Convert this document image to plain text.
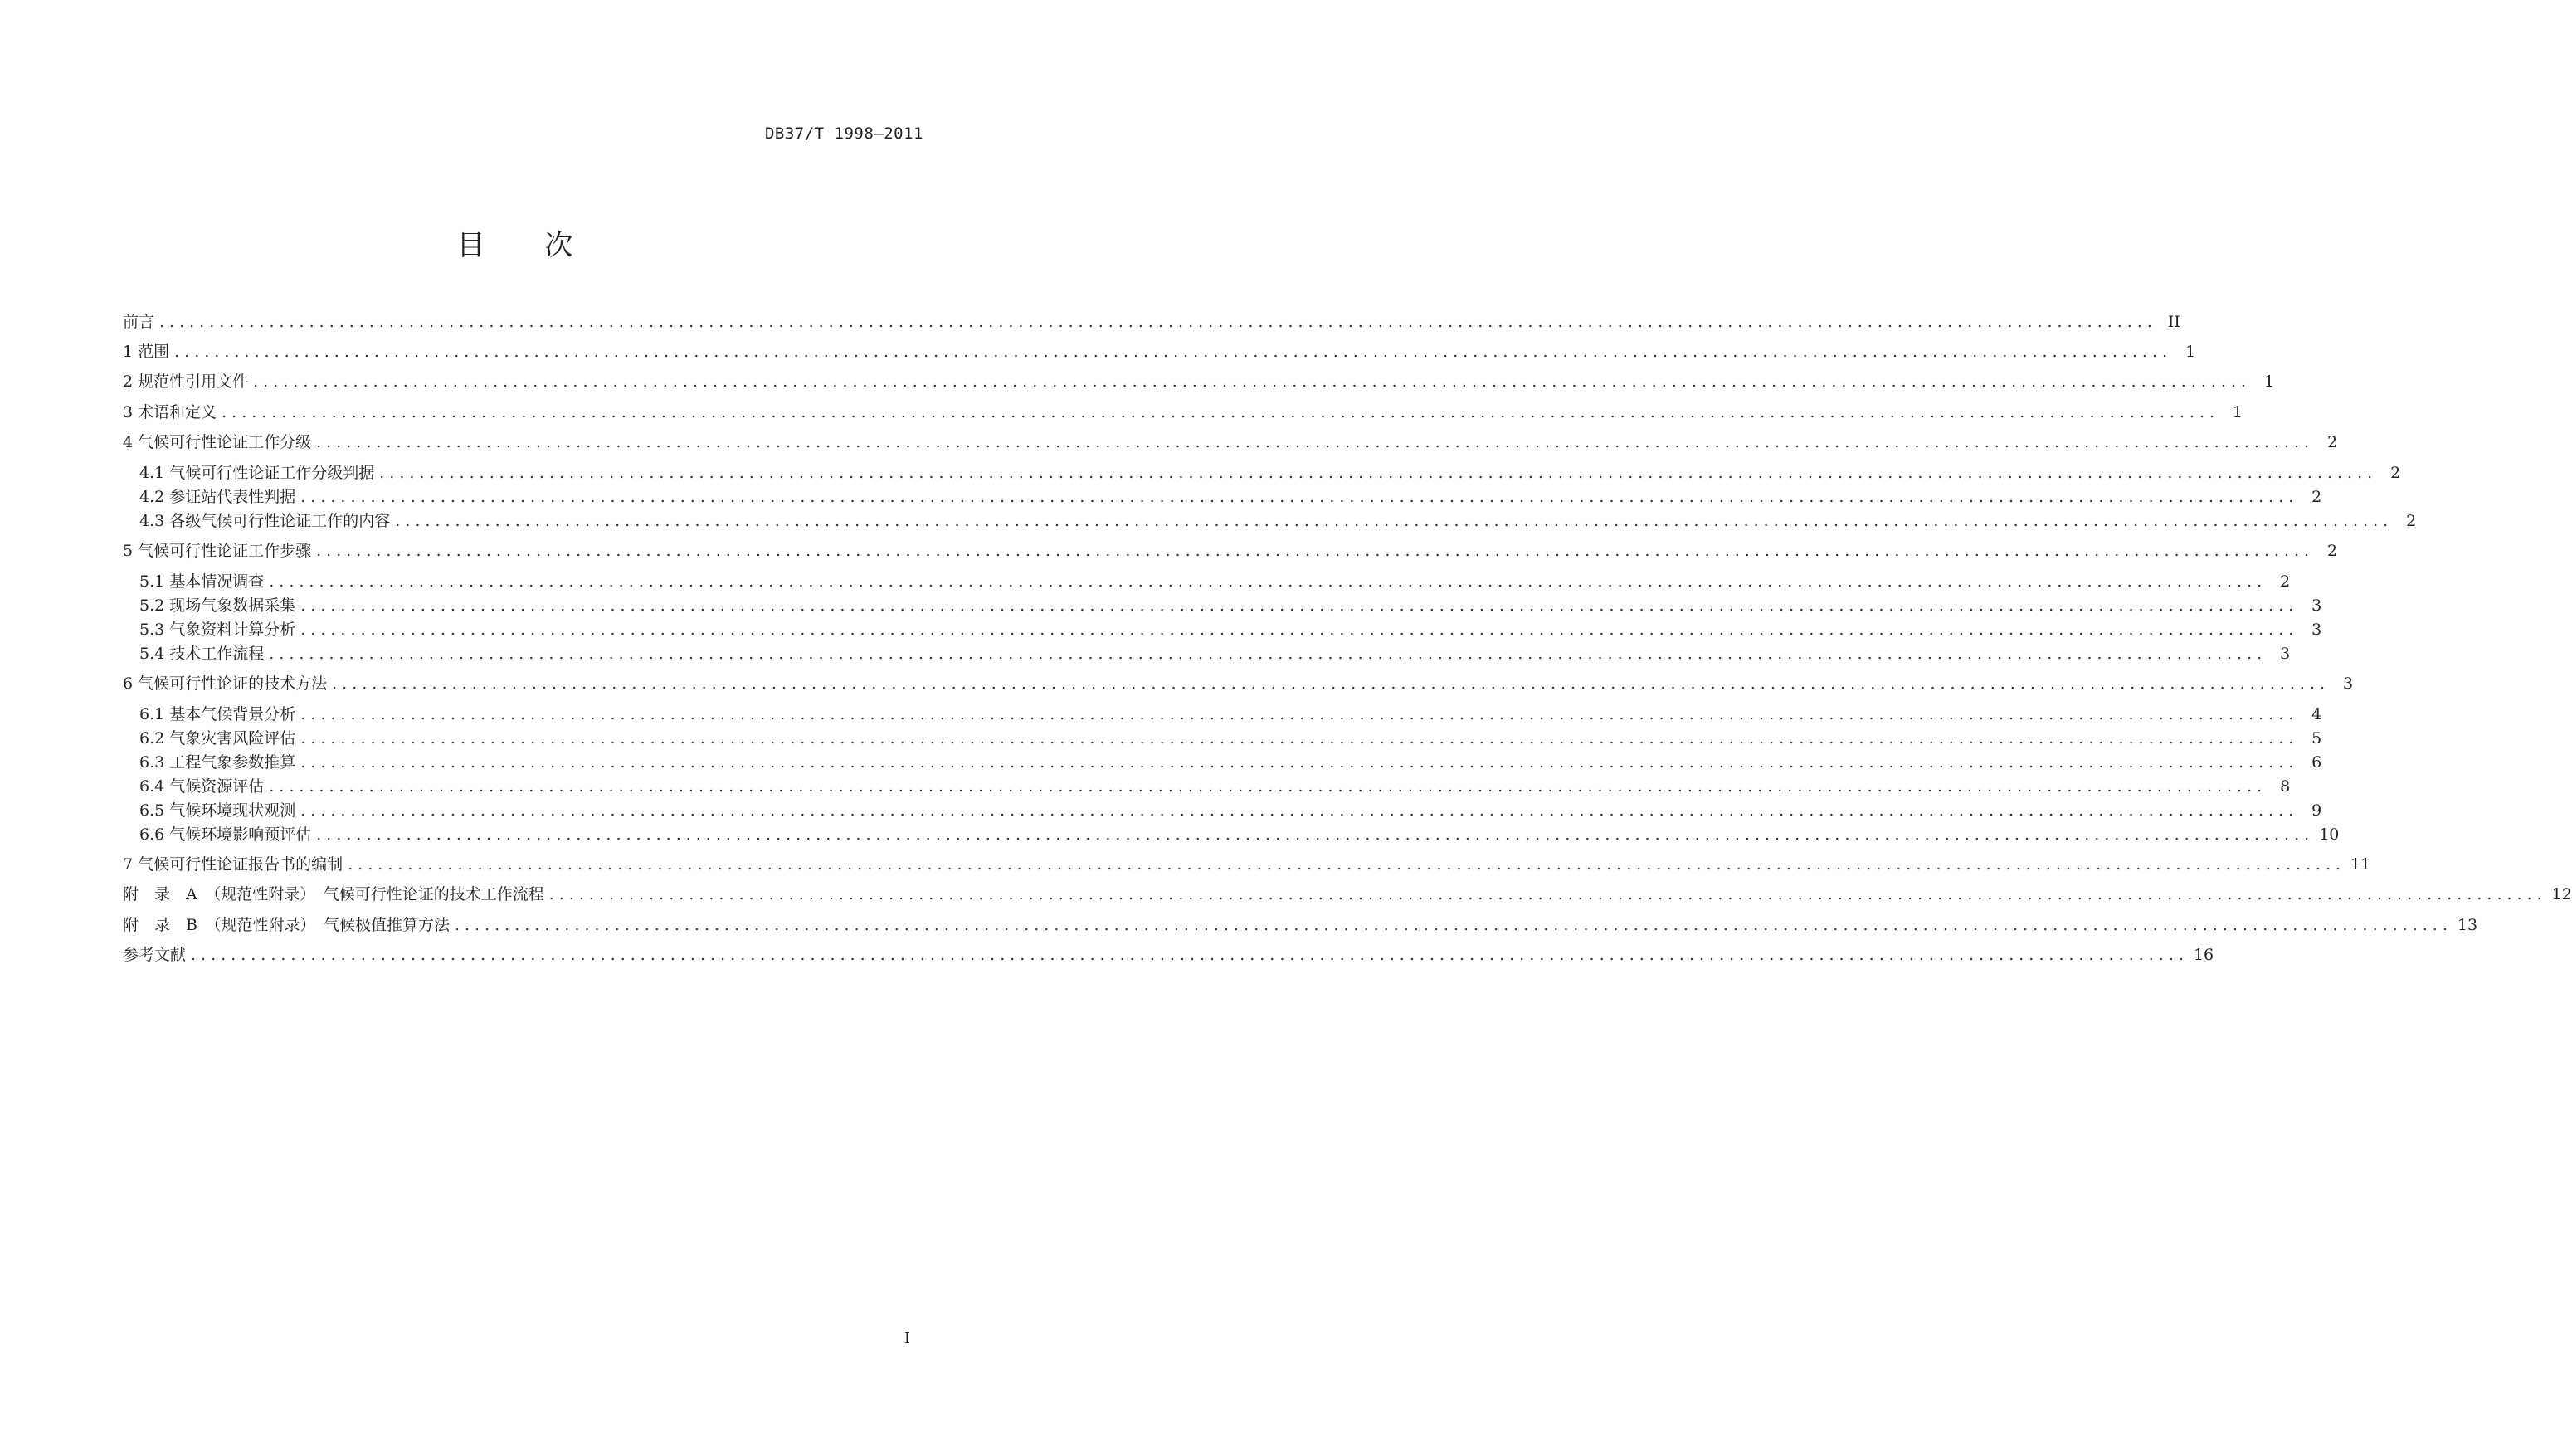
DB37/T 1998—2011
目 次
前言 ........................................................................................................................................................................................................ II
1 范围 ........................................................................................................................................................................................................ 1
2 规范性引用文件 ........................................................................................................................................................................................................ 1
3 术语和定义 ........................................................................................................................................................................................................ 1
4 气候可行性论证工作分级 ........................................................................................................................................................................................................ 2
4.1 气候可行性论证工作分级判据 ........................................................................................................................................................................................................ 2
4.2 参证站代表性判据 ........................................................................................................................................................................................................ 2
4.3 各级气候可行性论证工作的内容 ........................................................................................................................................................................................................ 2
5 气候可行性论证工作步骤 ........................................................................................................................................................................................................ 2
5.1 基本情况调查 ........................................................................................................................................................................................................ 2
5.2 现场气象数据采集 ........................................................................................................................................................................................................ 3
5.3 气象资料计算分析 ........................................................................................................................................................................................................ 3
5.4 技术工作流程 ........................................................................................................................................................................................................ 3
6 气候可行性论证的技术方法 ........................................................................................................................................................................................................ 3
6.1 基本气候背景分析 ........................................................................................................................................................................................................ 4
6.2 气象灾害风险评估 ........................................................................................................................................................................................................ 5
6.3 工程气象参数推算 ........................................................................................................................................................................................................ 6
6.4 气候资源评估 ........................................................................................................................................................................................................ 8
6.5 气候环境现状观测 ........................................................................................................................................................................................................ 9
6.6 气候环境影响预评估 ........................................................................................................................................................................................................ 10
7 气候可行性论证报告书的编制 ........................................................................................................................................................................................................ 11
附　录　A　（规范性附录）　气候可行性论证的技术工作流程 ........................................................................................................................................................................................................ 12
附　录　B　（规范性附录）　气候极值推算方法 ........................................................................................................................................................................................................ 13
参考文献 ........................................................................................................................................................................................................ 16
I
